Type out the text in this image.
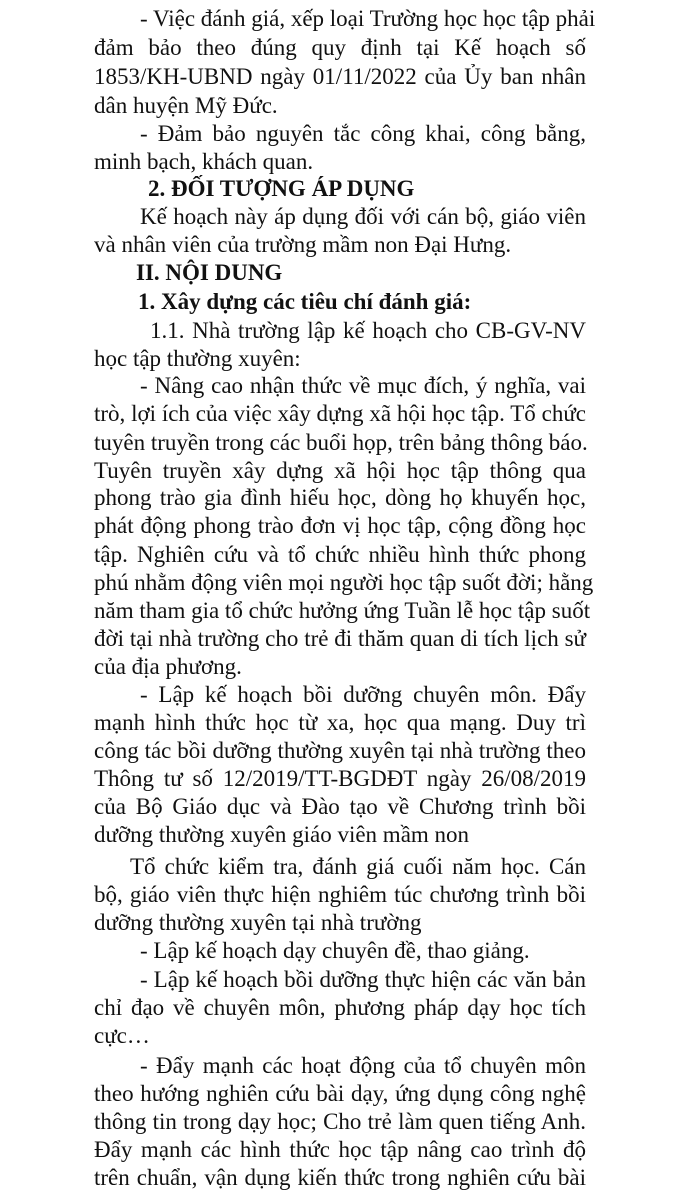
- Việc đánh giá, xếp loại Trường học học tập phải
đảm bảo theo đúng quy định tại Kế hoạch số
1853/KH-UBND ngày 01/11/2022 của Ủy ban nhân
dân huyện Mỹ Đức.
- Đảm bảo nguyên tắc công khai, công bằng,
minh bạch, khách quan.
2. ĐỐI TƯỢNG ÁP DỤNG
Kế hoạch này áp dụng đối với cán bộ, giáo viên
và nhân viên của trường mầm non Đại Hưng.
II. NỘI DUNG
1. Xây dựng các tiêu chí đánh giá:
1.1. Nhà trường lập kế hoạch cho CB-GV-NV
học tập thường xuyên:
- Nâng cao nhận thức về mục đích, ý nghĩa, vai
trò, lợi ích của việc xây dựng xã hội học tập. Tổ chức
tuyên truyền trong các buổi họp, trên bảng thông báo.
Tuyên truyền xây dựng xã hội học tập thông qua
phong trào gia đình hiếu học, dòng họ khuyến học,
phát động phong trào đơn vị học tập, cộng đồng học
tập. Nghiên cứu và tổ chức nhiều hình thức phong
phú nhằm động viên mọi người học tập suốt đời; hằng
năm tham gia tổ chức hưởng ứng Tuần lễ học tập suốt
đời tại nhà trường cho trẻ đi thăm quan di tích lịch sử
của địa phương.
- Lập kế hoạch bồi dưỡng chuyên môn. Đẩy
mạnh hình thức học từ xa, học qua mạng. Duy trì
công tác bồi dưỡng thường xuyên tại nhà trường theo
Thông tư số 12/2019/TT-BGDĐT ngày 26/08/2019
của Bộ Giáo dục và Đào tạo về Chương trình bồi
dưỡng thường xuyên giáo viên mầm non
Tổ chức kiểm tra, đánh giá cuối năm học. Cán
bộ, giáo viên thực hiện nghiêm túc chương trình bồi
dưỡng thường xuyên tại nhà trường
- Lập kế hoạch dạy chuyên đề, thao giảng.
- Lập kế hoạch bồi dưỡng thực hiện các văn bản
chỉ đạo về chuyên môn, phương pháp dạy học tích
cực…
- Đẩy mạnh các hoạt động của tổ chuyên môn
theo hướng nghiên cứu bài dạy, ứng dụng công nghệ
thông tin trong dạy học; Cho trẻ làm quen tiếng Anh.
Đẩy mạnh các hình thức học tập nâng cao trình độ
trên chuẩn, vận dụng kiến thức trong nghiên cứu bài
